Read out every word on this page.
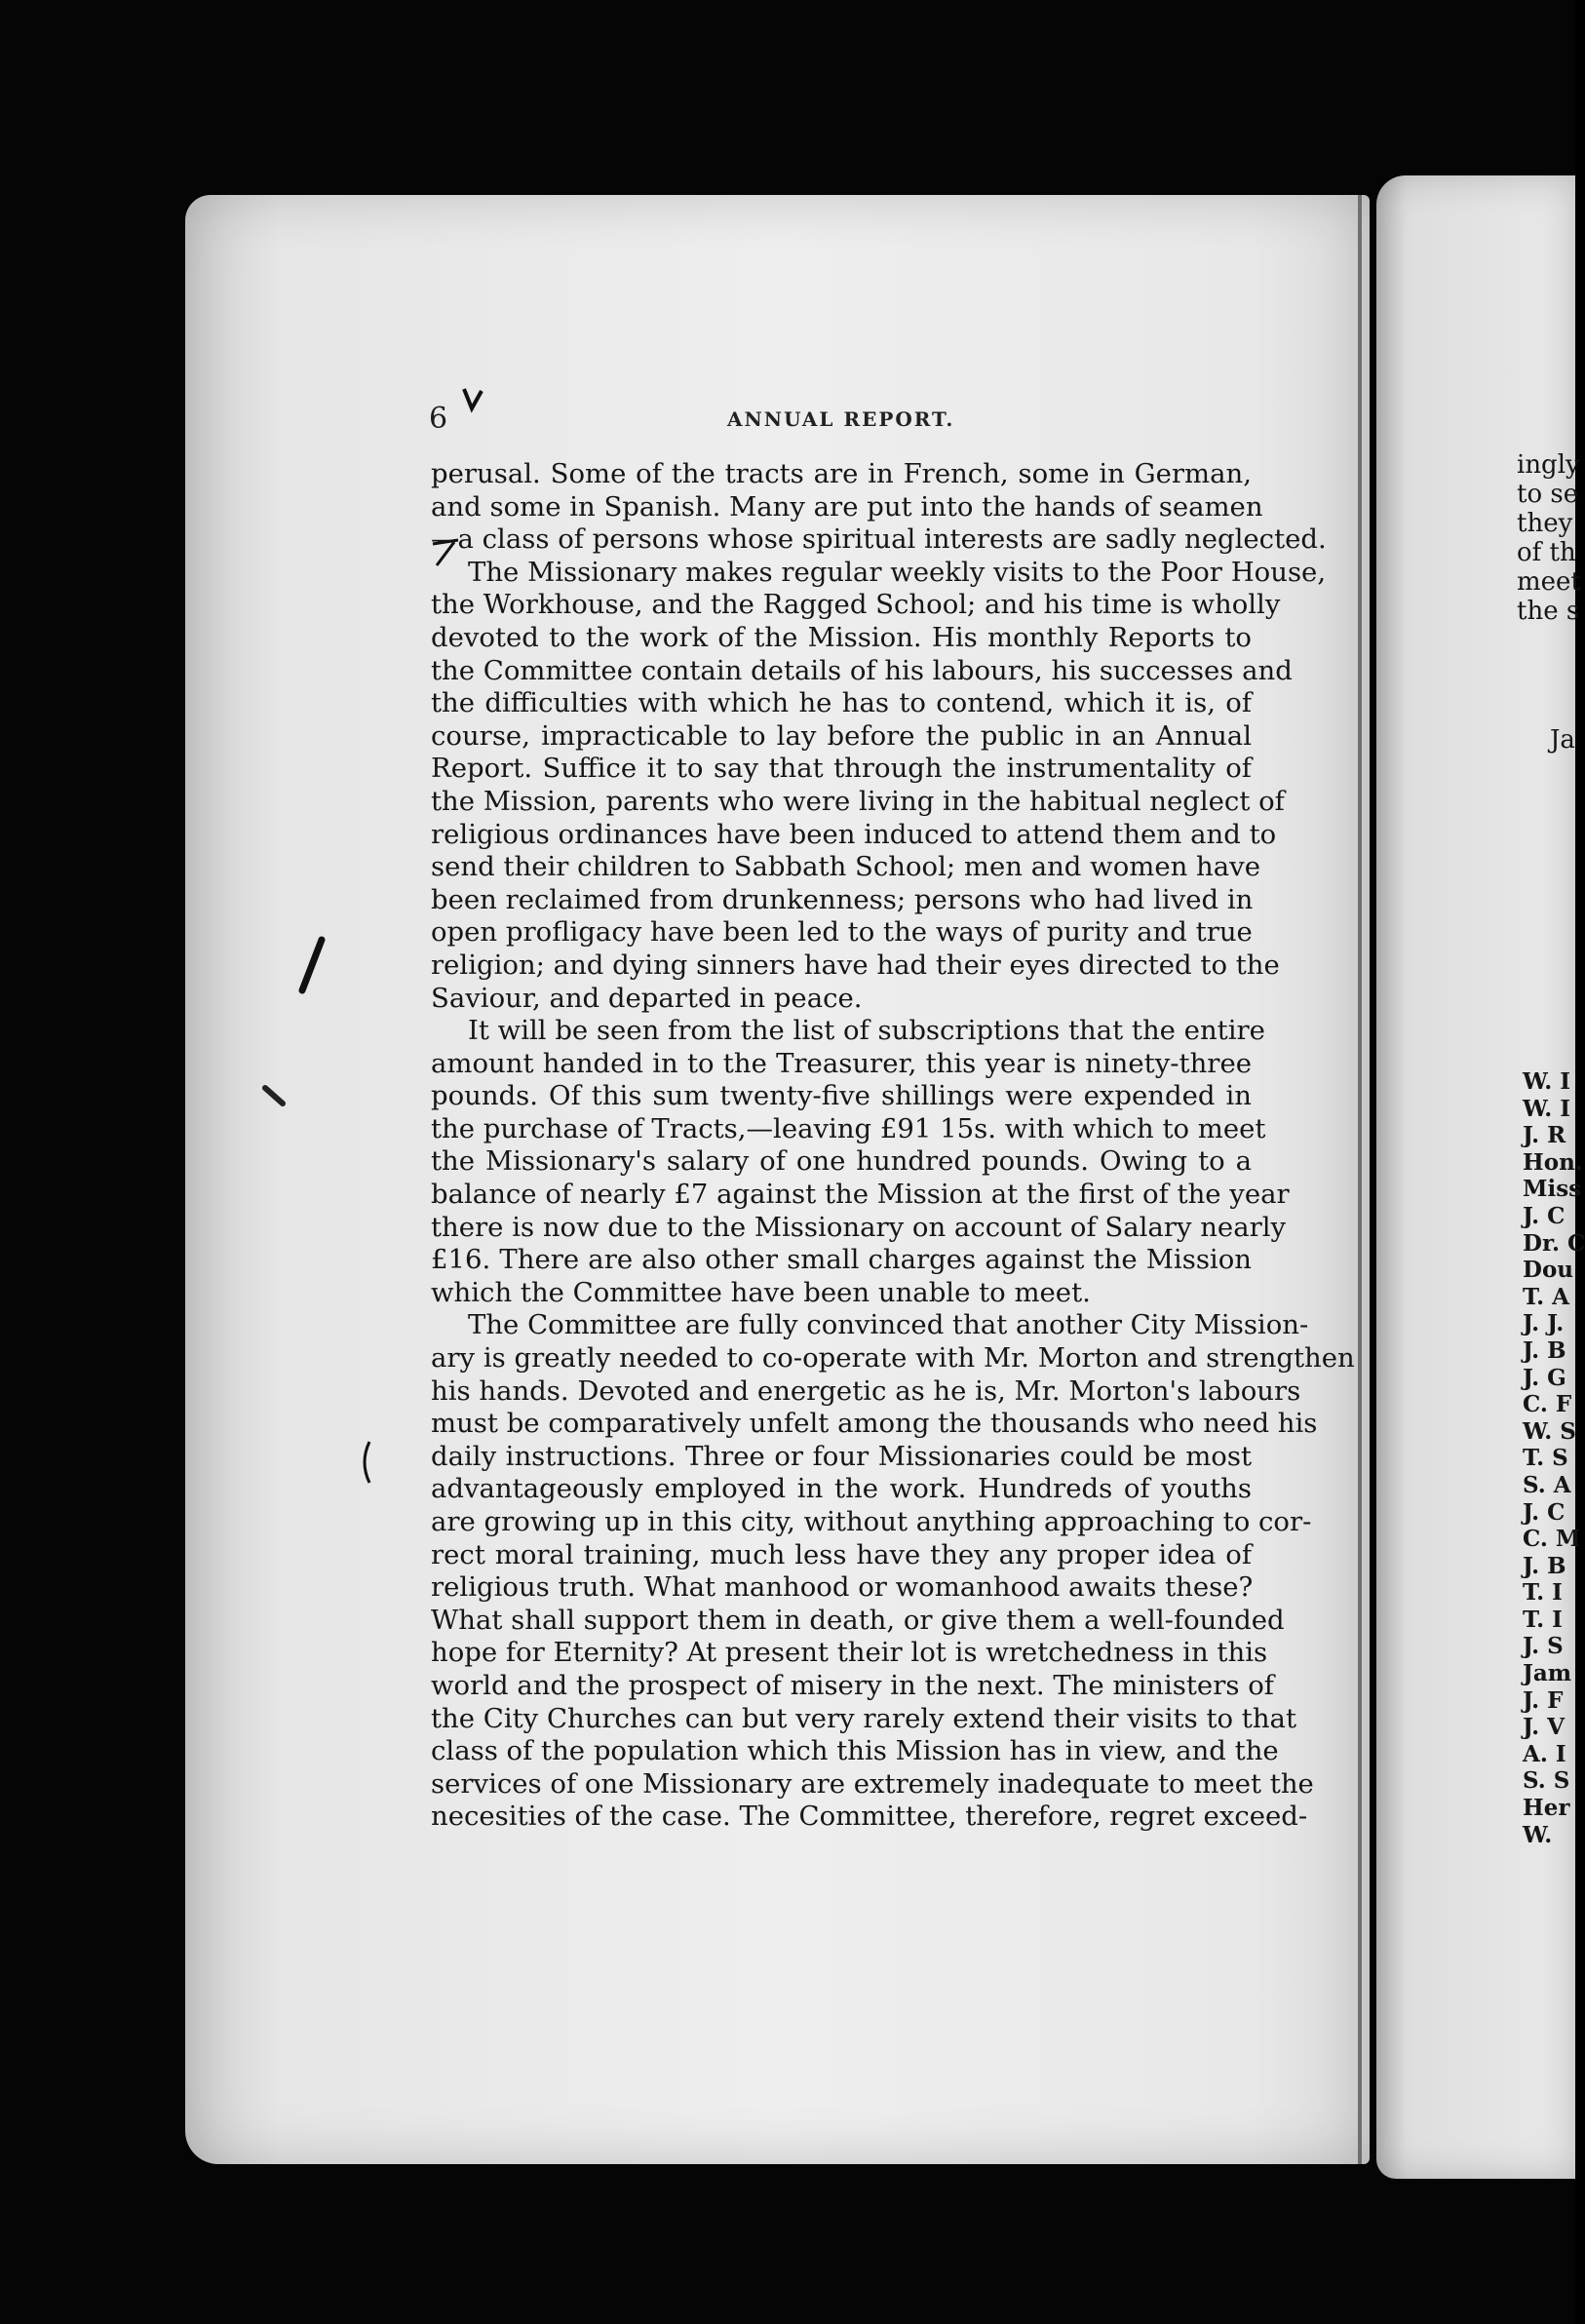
6	ANNUAL REPORT.
perusal. Some of the tracts are in French, some in German,
and some in Spanish. Many are put into the hands of seamen
—a class of persons whose spiritual interests are sadly neglected.
The Missionary makes regular weekly visits to the Poor House,
the Workhouse, and the Ragged School; and his time is wholly
devoted to the work of the Mission. His monthly Reports to
the Committee contain details of his labours, his successes and
the difficulties with which he has to contend, which it is, of
course, impracticable to lay before the public in an Annual
Report. Suffice it to say that through the instrumentality of
the Mission, parents who were living in the habitual neglect of
religious ordinances have been induced to attend them and to
send their children to Sabbath School; men and women have
been reclaimed from drunkenness; persons who had lived in
open profligacy have been led to the ways of purity and true
religion; and dying sinners have had their eyes directed to the
Saviour, and departed in peace.
It will be seen from the list of subscriptions that the entire
amount handed in to the Treasurer, this year is ninety-three
pounds. Of this sum twenty-five shillings were expended in
the purchase of Tracts,—leaving £91 15s. with which to meet
the Missionary's salary of one hundred pounds. Owing to a
balance of nearly £7 against the Mission at the first of the year
there is now due to the Missionary on account of Salary nearly
£16. There are also other small charges against the Mission
which the Committee have been unable to meet.
The Committee are fully convinced that another City Mission-
ary is greatly needed to co-operate with Mr. Morton and strengthen
his hands. Devoted and energetic as he is, Mr. Morton's labours
must be comparatively unfelt among the thousands who need his
daily instructions. Three or four Missionaries could be most
advantageously employed in the work. Hundreds of youths
are growing up in this city, without anything approaching to cor-
rect moral training, much less have they any proper idea of
religious truth. What manhood or womanhood awaits these?
What shall support them in death, or give them a well-founded
hope for Eternity? At present their lot is wretchedness in this
world and the prospect of misery in the next. The ministers of
the City Churches can but very rarely extend their visits to that
class of the population which this Mission has in view, and the
services of one Missionary are extremely inadequate to meet the
necesities of the case. The Committee, therefore, regret exceed-
ingly
to se
they
of th
meet
the s
Ja
W. I
W. I
J. R
Hon.
Miss
J. C
Dr. C
Dou
T. A
J. J.
J. B
J. G
C. F
W. S
T. S
S. A
J. C
C. M
J. B
T. I
T. I
J. S
Jam
J. F
J. V
A. I
S. S
Her
W.
